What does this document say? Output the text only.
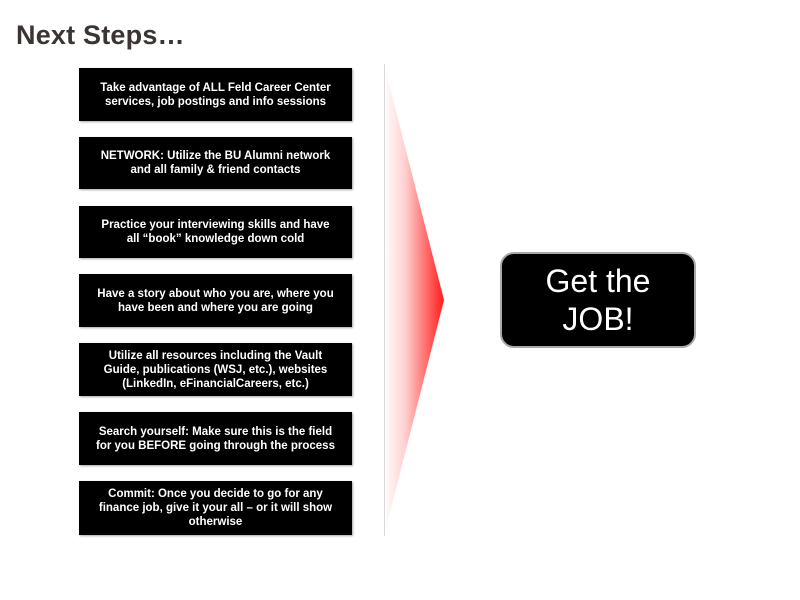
Next Steps…
Take advantage of ALL Feld Career Center
services, job postings and info sessions
NETWORK: Utilize the BU Alumni network
and all family & friend contacts
Practice your interviewing skills and have
all “book” knowledge down cold
Have a story about who you are, where you
have been and where you are going
Utilize all resources including the Vault
Guide, publications (WSJ, etc.), websites
(LinkedIn, eFinancialCareers, etc.)
Search yourself: Make sure this is the field
for you BEFORE going through the process
Commit: Once you decide to go for any
finance job, give it your all – or it will show
otherwise
Get the
JOB!
